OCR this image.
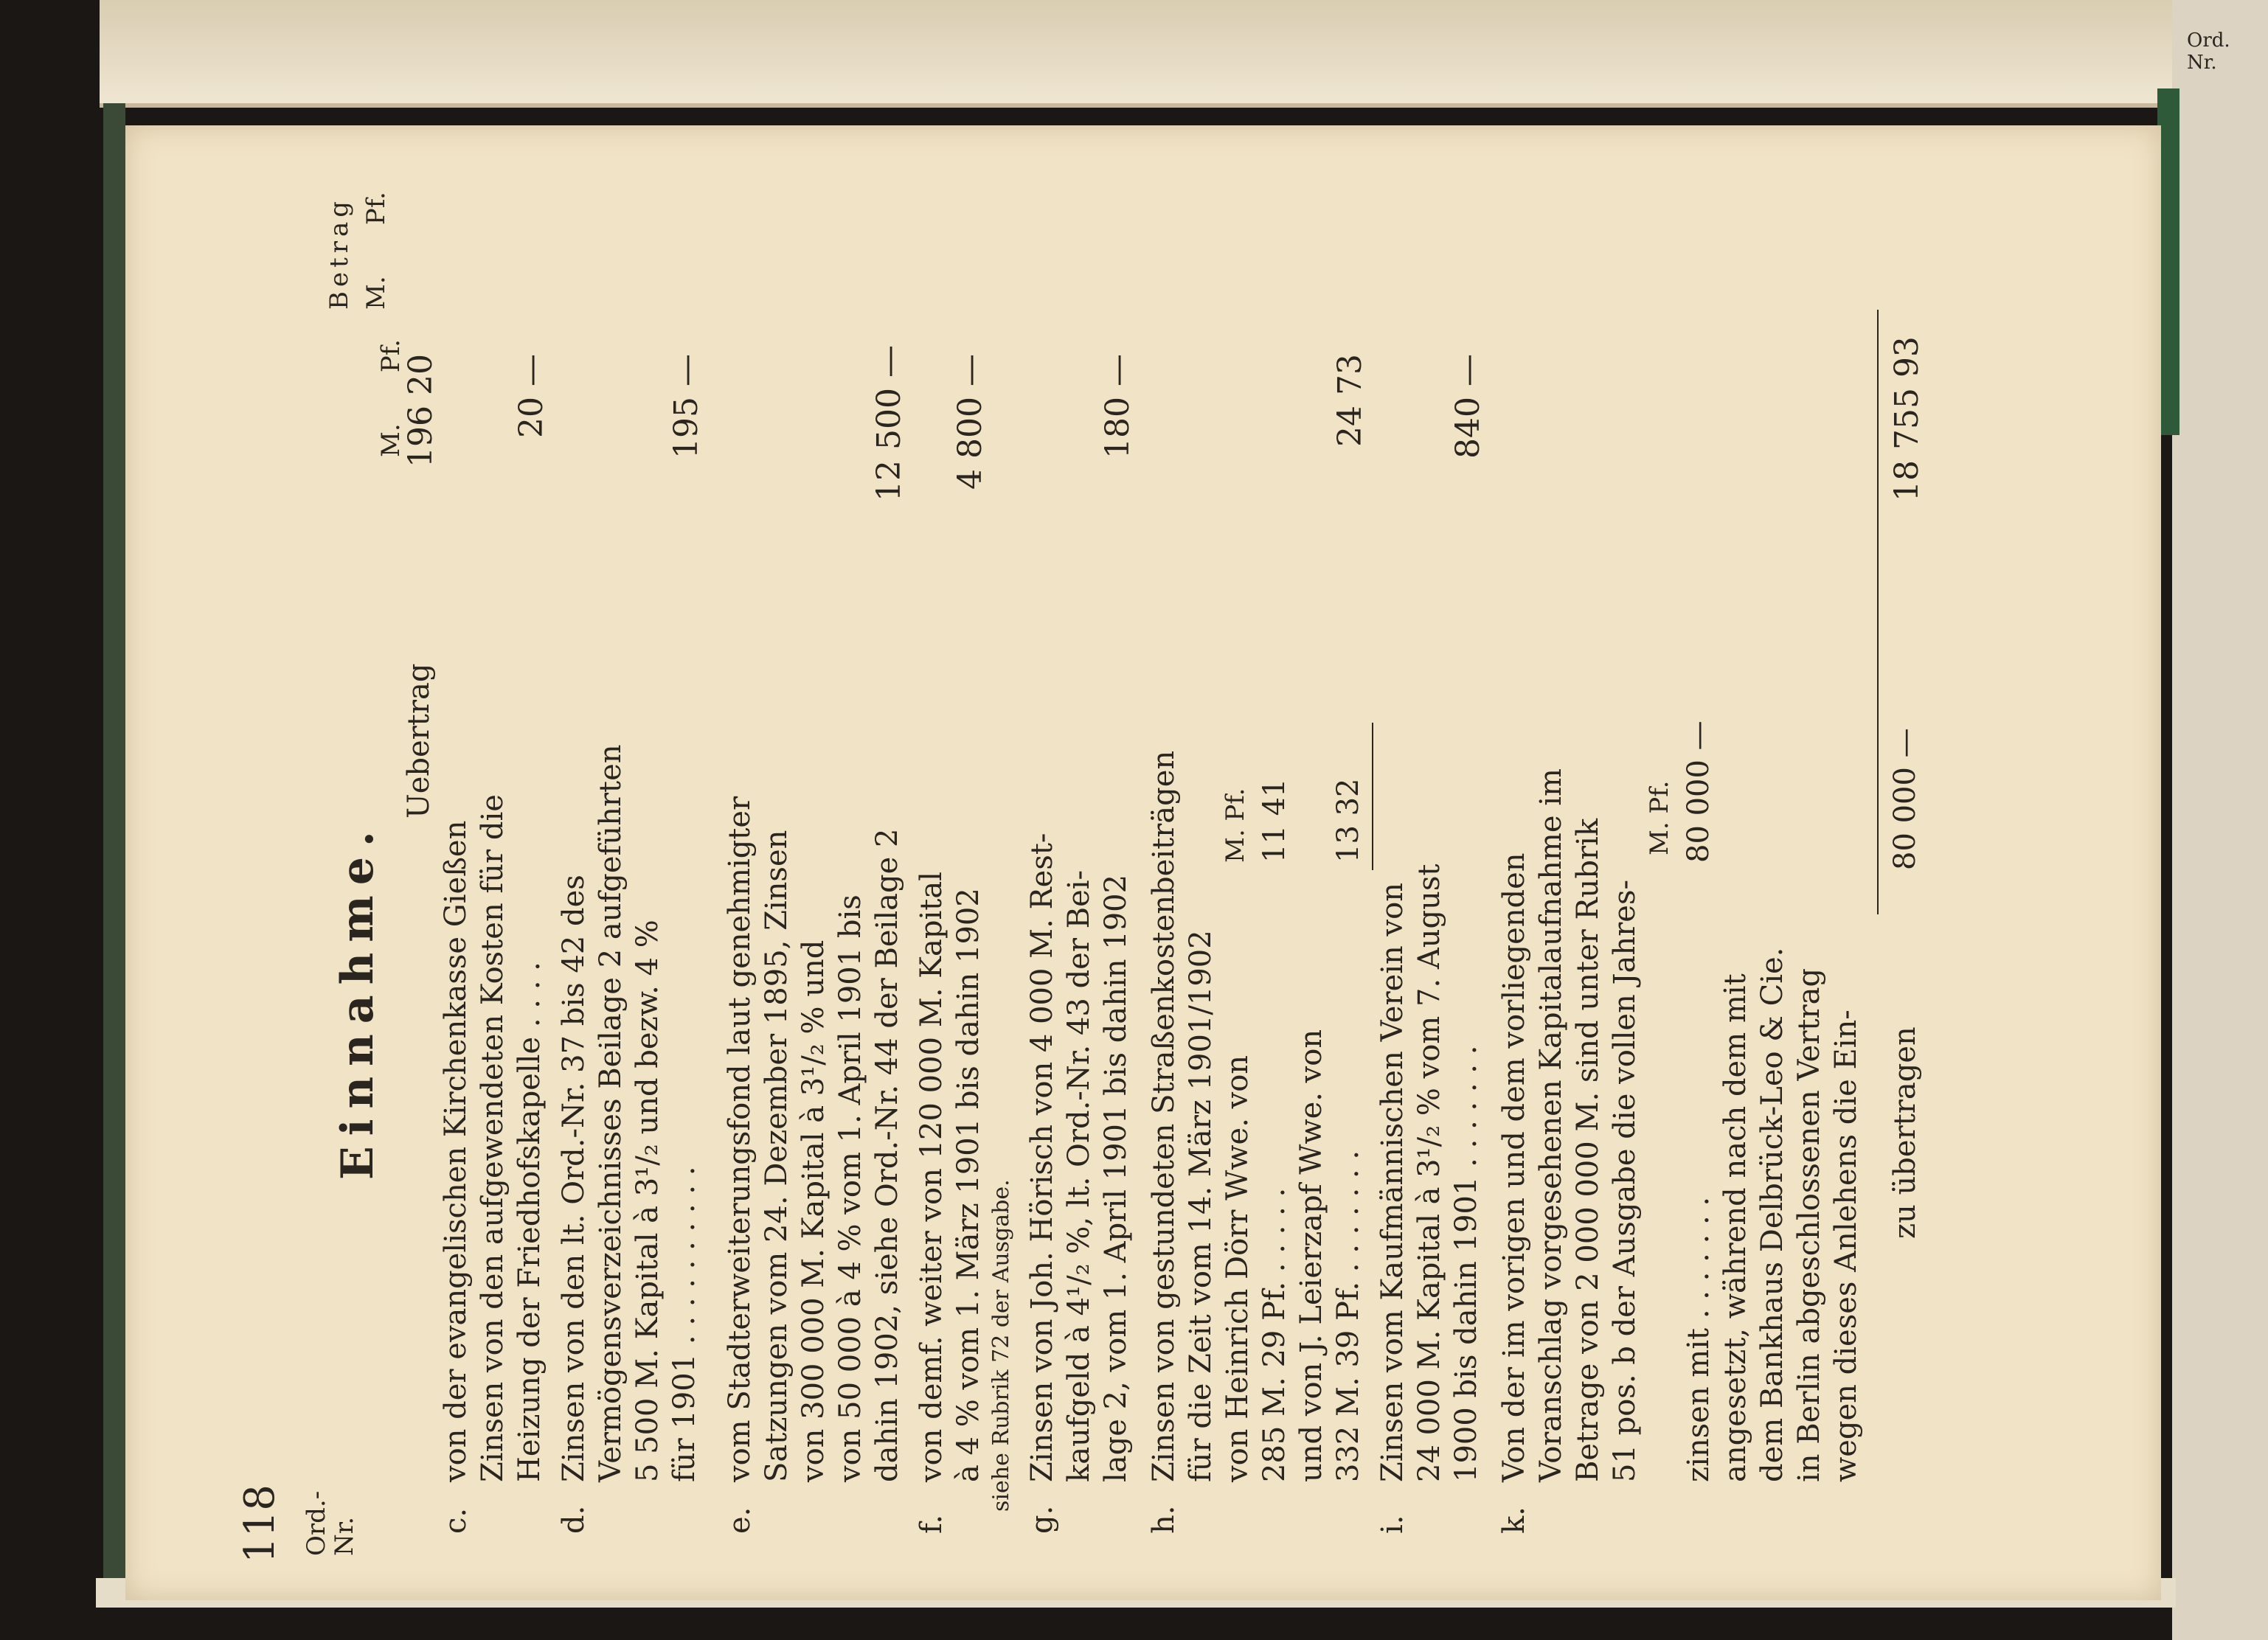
Ord.
Nr.
118 Ord.-
Nr.
Einnahme.
Betrag M.
Pf.
M.
Pf.
Uebertrag
196 20
c.
von der evangelischen Kirchenkasse Gießen Zinsen von den aufgewendeten Kosten für die Heizung der Friedhofskapelle . . . .
20 —
d.
Zinsen von den lt. Ord.-Nr. 37 bis 42 des Vermögensverzeichnisses Beilage 2 aufgeführten 5 500 M. Kapital à 3¹/₂ und bezw. 4 % für 1901 . . . . . . . . . .
195 —
e.
vom Stadterweiterungsfond laut genehmigter Satzungen vom 24. Dezember 1895, Zinsen von 300 000 M. Kapital à 3¹/₂ % und von 50 000 à 4 % vom 1. April 1901 bis dahin 1902, siehe Ord.-Nr. 44 der Beilage 2
12 500 —
f.
von demf. weiter von 120 000 M. Kapital à 4 % vom 1. März 1901 bis dahin 1902 siehe Rubrik 72 der Ausgabe.
4 800 —
g.
Zinsen von Joh. Hörisch von 4 000 M. Rest- kaufgeld à 4¹/₂ %, lt. Ord.-Nr. 43 der Bei- lage 2, vom 1. April 1901 bis dahin 1902
180 —
h.
Zinsen von gestundeten Straßenkostenbeiträgen für die Zeit vom 14. März 1901/1902 von Heinrich Dörr Wwe. von 285 M. 29 Pf. . . . . . und von J. Leierzapf Wwe. von 332 M. 39 Pf. . . . . . . .
M. Pf. 11 41 13 32
24 73
i.
Zinsen vom Kaufmännischen Verein von 24 000 M. Kapital à 3¹/₂ % vom 7. August 1900 bis dahin 1901 . . . . . . .
840 —
k.
Von der im vorigen und dem vorliegenden Voranschlag vorgesehenen Kapitalaufnahme im Betrage von 2 000 000 M. sind unter Rubrik 51 pos. b der Ausgabe die vollen Jahres-
M. Pf.
zinsen mit . . . . . . .
80 000 —
angesetzt, während nach dem mit dem Bankhaus Delbrück-Leo & Cie. in Berlin abgeschlossenen Vertrag wegen dieses Anlehens die Ein- zu übertragen
80 000 —
18 755 93
